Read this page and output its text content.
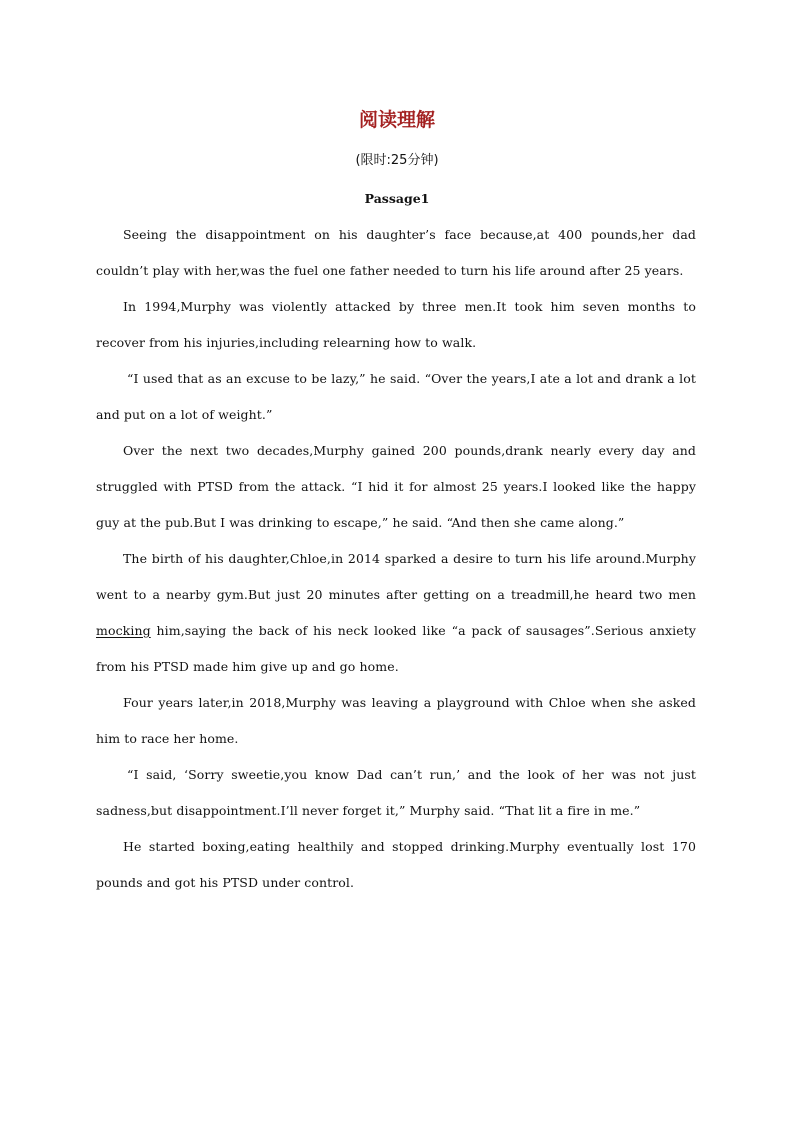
阅读理解
(限时:25分钟)
Passage1

Seeing the disappointment on his daughter’s face because,at 400 pounds,her dad couldn’t play with her,was the fuel one father needed to turn his life around after 25 years.

In 1994,Murphy was violently attacked by three men.It took him seven months to recover from his injuries,including relearning how to walk.

“I used that as an excuse to be lazy,” he said. “Over the years,I ate a lot and drank a lot and put on a lot of weight.”

Over the next two decades,Murphy gained 200 pounds,drank nearly every day and struggled with PTSD from the attack. “I hid it for almost 25 years.I looked like the happy guy at the pub.But I was drinking to escape,” he said. “And then she came along.”

The birth of his daughter,Chloe,in 2014 sparked a desire to turn his life around.Murphy went to a nearby gym.But just 20 minutes after getting on a treadmill,he heard two men mocking him,saying the back of his neck looked like “a pack of sausages”.Serious anxiety from his PTSD made him give up and go home.

Four years later,in 2018,Murphy was leaving a playground with Chloe when she asked him to race her home.

“I said, ‘Sorry sweetie,you know Dad can’t run,’ and the look of her was not just sadness,but disappointment.I’ll never forget it,” Murphy said. “That lit a fire in me.”

He started boxing,eating healthily and stopped drinking.Murphy eventually lost 170 pounds and got his PTSD under control.
